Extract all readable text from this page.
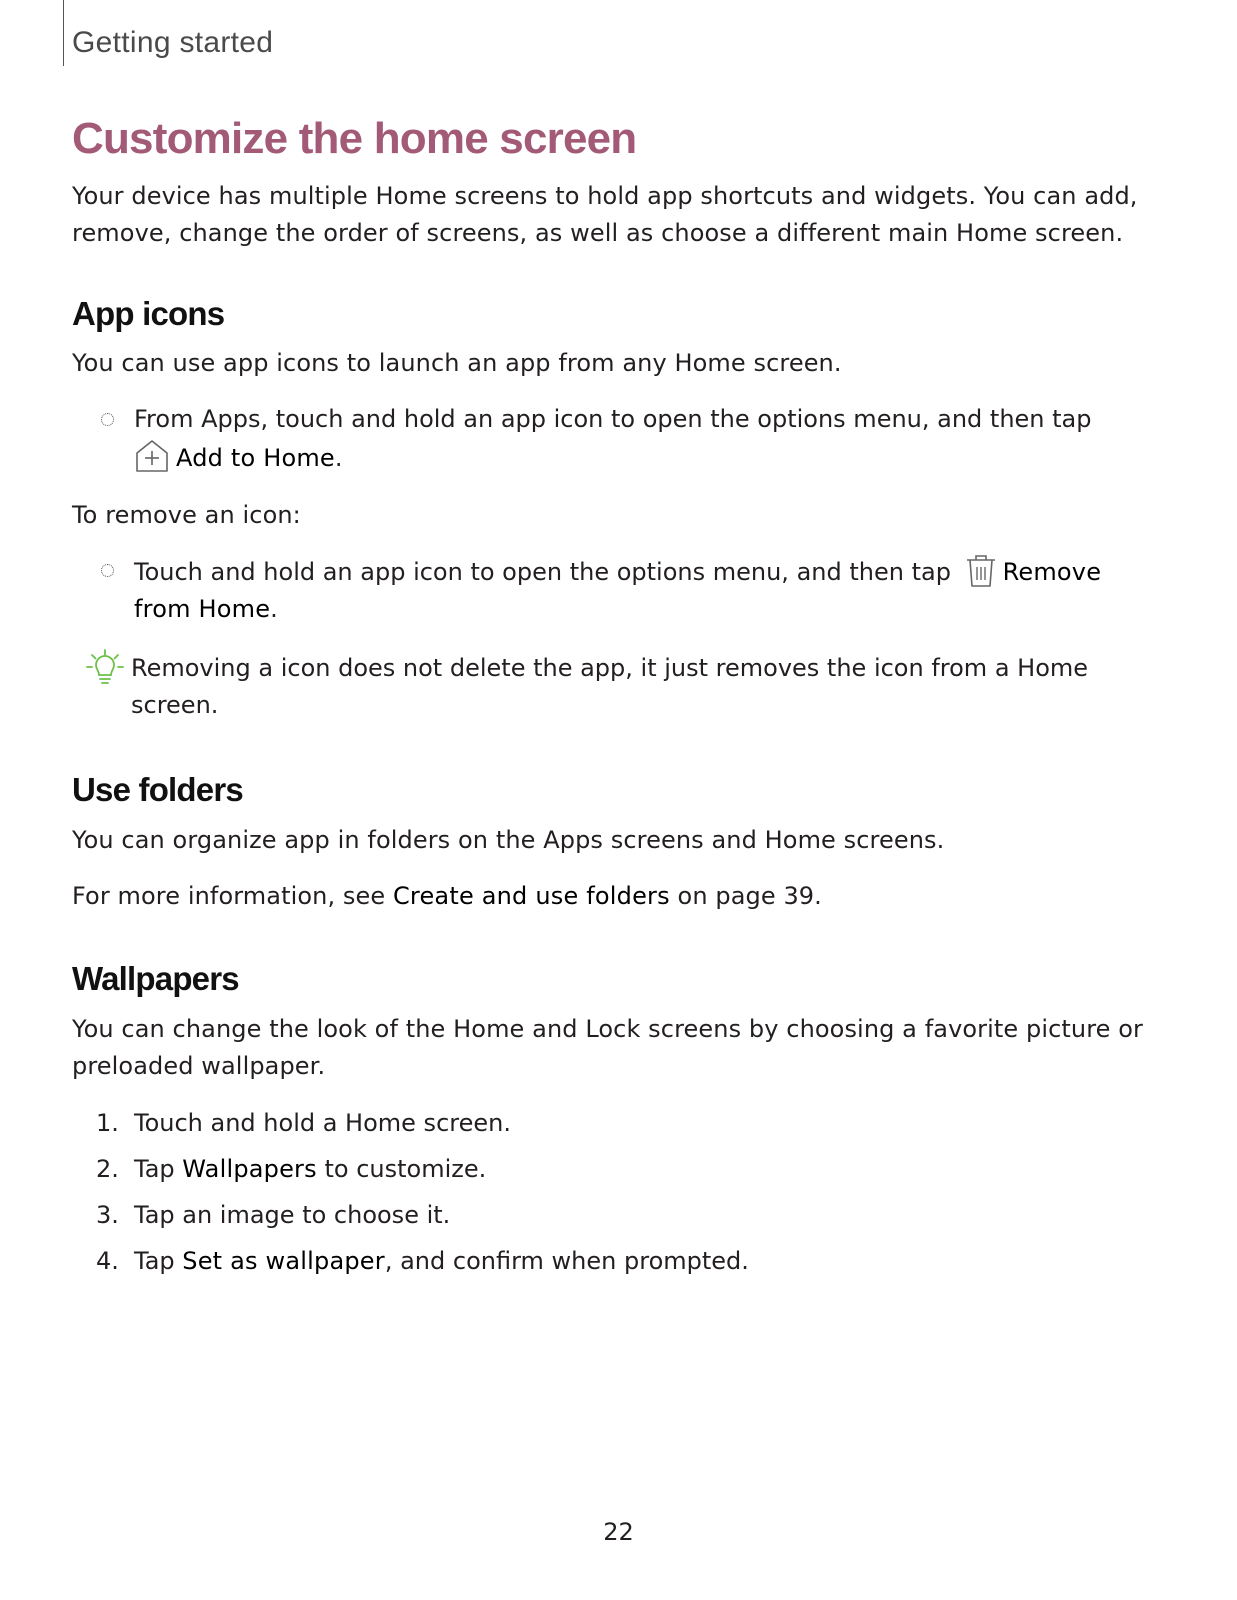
Getting started
Customize the home screen

Your device has multiple Home screens to hold app shortcuts and widgets. You can add, remove, change the order of screens, as well as choose a different main Home screen.

App icons

You can use app icons to launch an app from any Home screen.

From Apps, touch and hold an app icon to open the options menu, and then tap
Add to Home.

To remove an icon:

Touch and hold an app icon to open the options menu, and then tap Remove from Home.
Removing a icon does not delete the app, it just removes the icon from a Home screen.
Use folders

You can organize app in folders on the Apps screens and Home screens.

For more information, see Create and use folders on page 39.

Wallpapers

You can change the look of the Home and Lock screens by choosing a favorite picture or preloaded wallpaper.

1. Touch and hold a Home screen.
2. Tap Wallpapers to customize.
3. Tap an image to choose it.
4. Tap Set as wallpaper, and confirm when prompted.
22
